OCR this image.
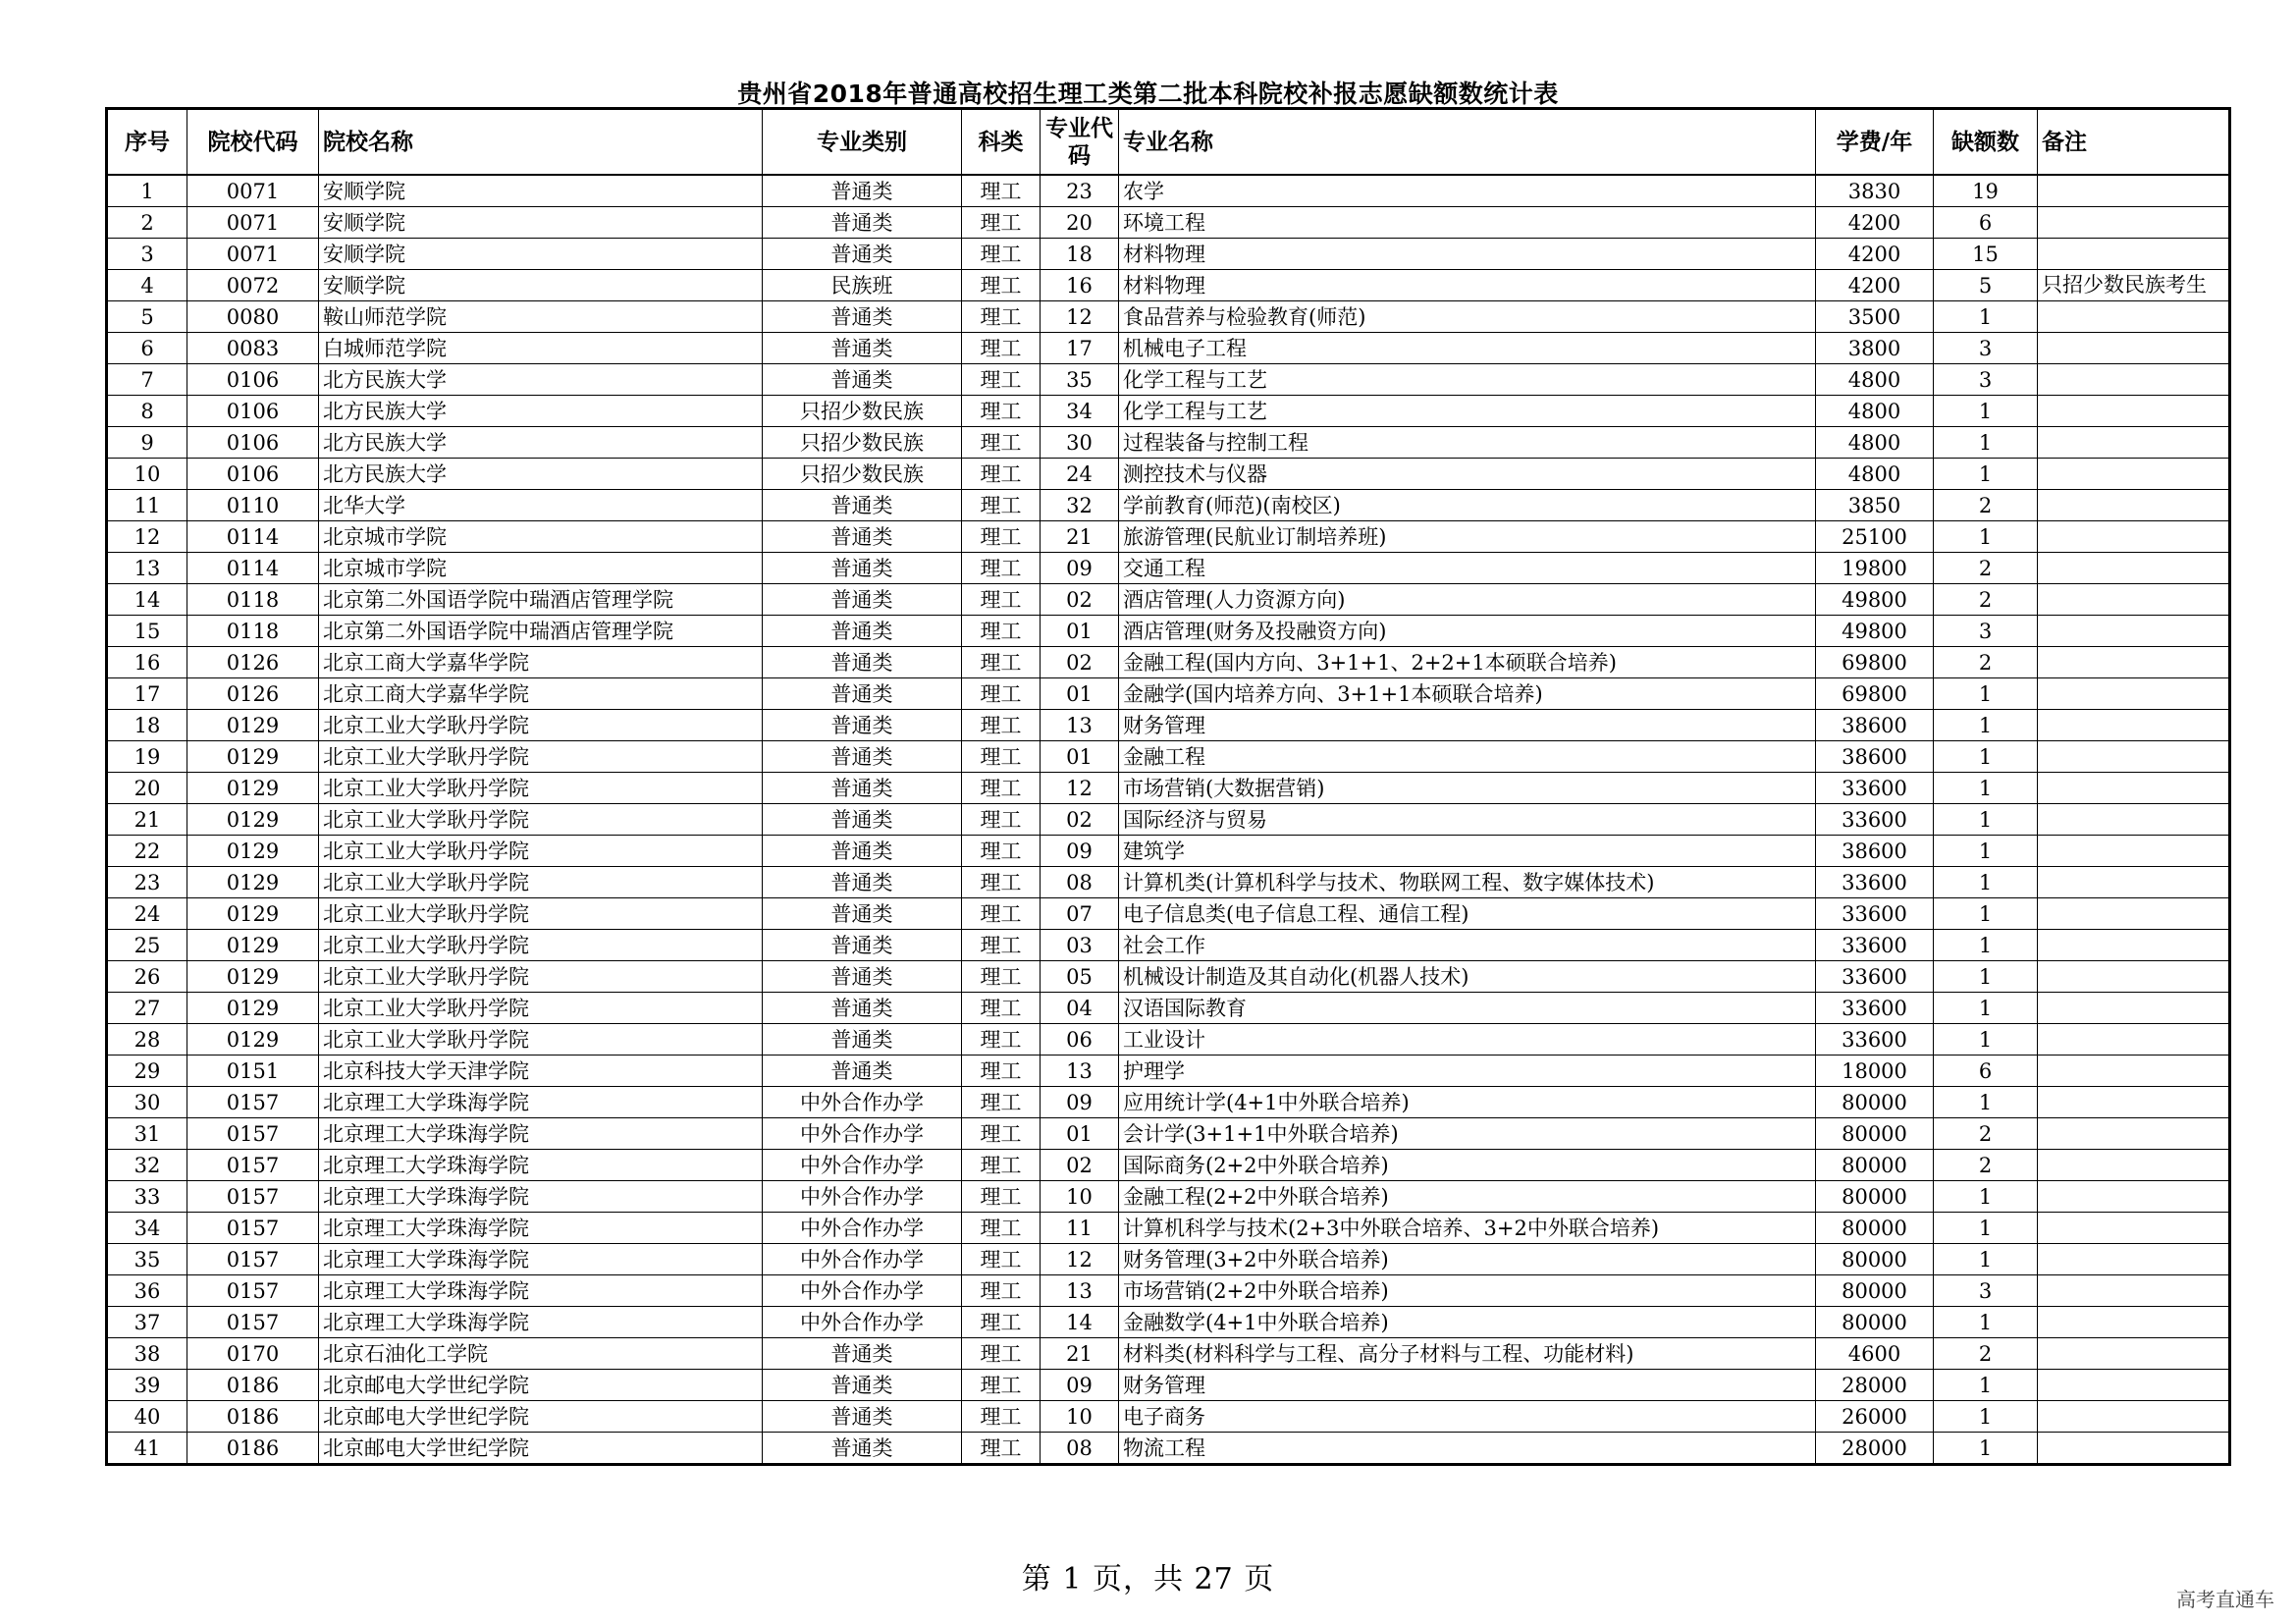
贵州省2018年普通高校招生理工类第二批本科院校补报志愿缺额数统计表
序号	院校代码	院校名称	专业类别	科类	专业代码	专业名称	学费/年	缺额数	备注
1	0071	安顺学院	普通类	理工	23	农学	3830	19	
2	0071	安顺学院	普通类	理工	20	环境工程	4200	6	
3	0071	安顺学院	普通类	理工	18	材料物理	4200	15	
4	0072	安顺学院	民族班	理工	16	材料物理	4200	5	只招少数民族考生
5	0080	鞍山师范学院	普通类	理工	12	食品营养与检验教育(师范)	3500	1	
6	0083	白城师范学院	普通类	理工	17	机械电子工程	3800	3	
7	0106	北方民族大学	普通类	理工	35	化学工程与工艺	4800	3	
8	0106	北方民族大学	只招少数民族	理工	34	化学工程与工艺	4800	1	
9	0106	北方民族大学	只招少数民族	理工	30	过程装备与控制工程	4800	1	
10	0106	北方民族大学	只招少数民族	理工	24	测控技术与仪器	4800	1	
11	0110	北华大学	普通类	理工	32	学前教育(师范)(南校区)	3850	2	
12	0114	北京城市学院	普通类	理工	21	旅游管理(民航业订制培养班)	25100	1	
13	0114	北京城市学院	普通类	理工	09	交通工程	19800	2	
14	0118	北京第二外国语学院中瑞酒店管理学院	普通类	理工	02	酒店管理(人力资源方向)	49800	2	
15	0118	北京第二外国语学院中瑞酒店管理学院	普通类	理工	01	酒店管理(财务及投融资方向)	49800	3	
16	0126	北京工商大学嘉华学院	普通类	理工	02	金融工程(国内方向、3+1+1、2+2+1本硕联合培养)	69800	2	
17	0126	北京工商大学嘉华学院	普通类	理工	01	金融学(国内培养方向、3+1+1本硕联合培养)	69800	1	
18	0129	北京工业大学耿丹学院	普通类	理工	13	财务管理	38600	1	
19	0129	北京工业大学耿丹学院	普通类	理工	01	金融工程	38600	1	
20	0129	北京工业大学耿丹学院	普通类	理工	12	市场营销(大数据营销)	33600	1	
21	0129	北京工业大学耿丹学院	普通类	理工	02	国际经济与贸易	33600	1	
22	0129	北京工业大学耿丹学院	普通类	理工	09	建筑学	38600	1	
23	0129	北京工业大学耿丹学院	普通类	理工	08	计算机类(计算机科学与技术、物联网工程、数字媒体技术)	33600	1	
24	0129	北京工业大学耿丹学院	普通类	理工	07	电子信息类(电子信息工程、通信工程)	33600	1	
25	0129	北京工业大学耿丹学院	普通类	理工	03	社会工作	33600	1	
26	0129	北京工业大学耿丹学院	普通类	理工	05	机械设计制造及其自动化(机器人技术)	33600	1	
27	0129	北京工业大学耿丹学院	普通类	理工	04	汉语国际教育	33600	1	
28	0129	北京工业大学耿丹学院	普通类	理工	06	工业设计	33600	1	
29	0151	北京科技大学天津学院	普通类	理工	13	护理学	18000	6	
30	0157	北京理工大学珠海学院	中外合作办学	理工	09	应用统计学(4+1中外联合培养)	80000	1	
31	0157	北京理工大学珠海学院	中外合作办学	理工	01	会计学(3+1+1中外联合培养)	80000	2	
32	0157	北京理工大学珠海学院	中外合作办学	理工	02	国际商务(2+2中外联合培养)	80000	2	
33	0157	北京理工大学珠海学院	中外合作办学	理工	10	金融工程(2+2中外联合培养)	80000	1	
34	0157	北京理工大学珠海学院	中外合作办学	理工	11	计算机科学与技术(2+3中外联合培养、3+2中外联合培养)	80000	1	
35	0157	北京理工大学珠海学院	中外合作办学	理工	12	财务管理(3+2中外联合培养)	80000	1	
36	0157	北京理工大学珠海学院	中外合作办学	理工	13	市场营销(2+2中外联合培养)	80000	3	
37	0157	北京理工大学珠海学院	中外合作办学	理工	14	金融数学(4+1中外联合培养)	80000	1	
38	0170	北京石油化工学院	普通类	理工	21	材料类(材料科学与工程、高分子材料与工程、功能材料)	4600	2	
39	0186	北京邮电大学世纪学院	普通类	理工	09	财务管理	28000	1	
40	0186	北京邮电大学世纪学院	普通类	理工	10	电子商务	26000	1	
41	0186	北京邮电大学世纪学院	普通类	理工	08	物流工程	28000	1	
第 1 页，共 27 页
高考直通车
